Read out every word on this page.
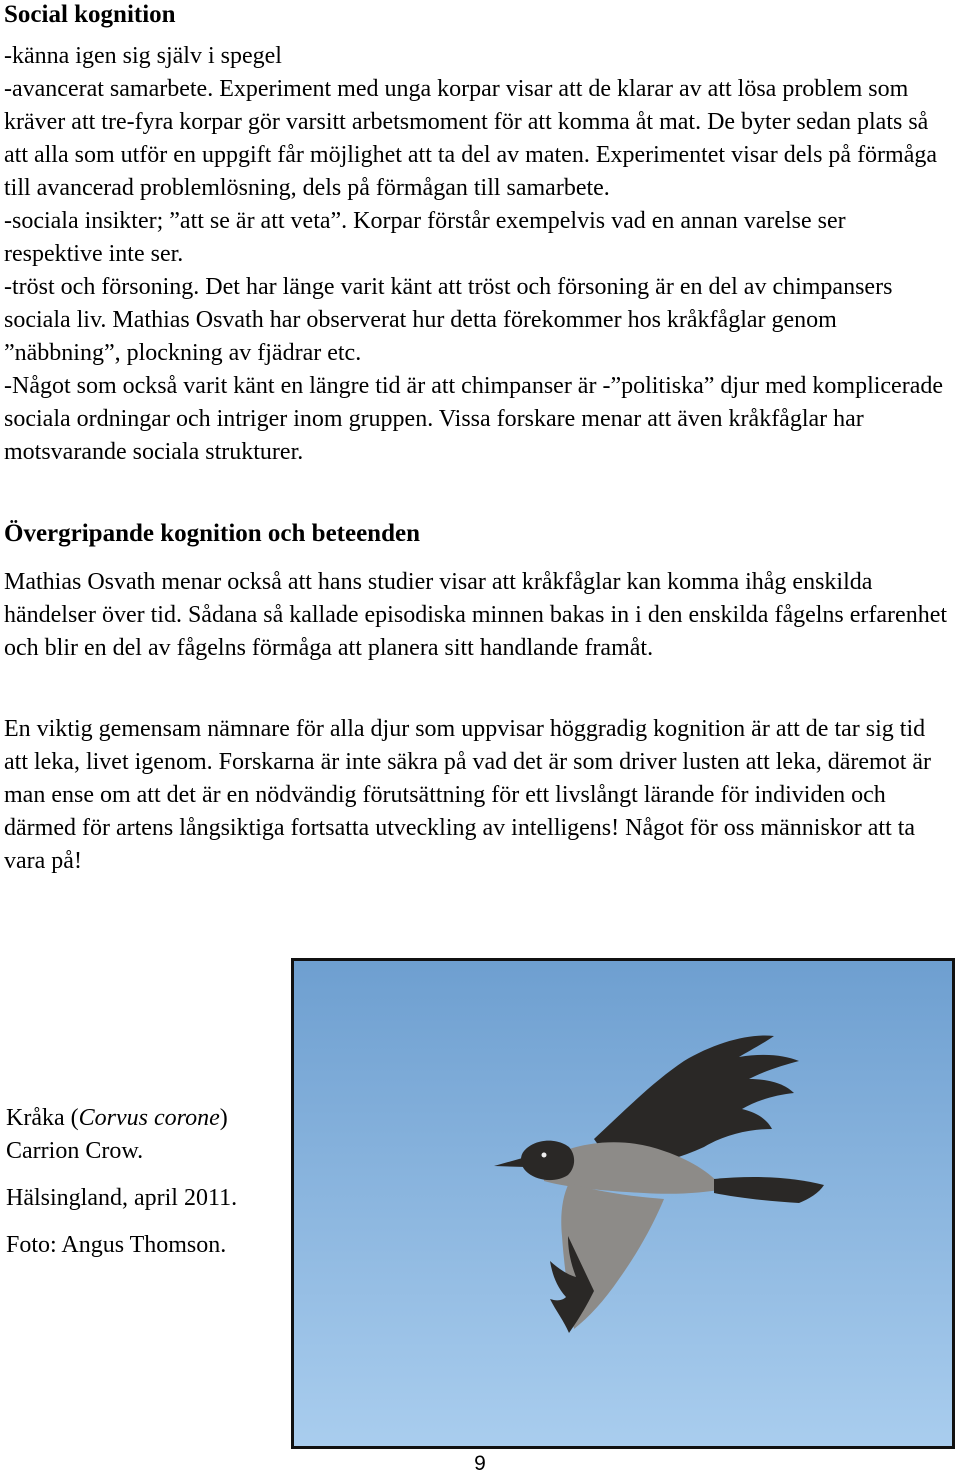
Social kognition

-känna igen sig själv i spegel

-avancerat samarbete. Experiment med unga korpar visar att de klarar av att lösa problem som kräver att tre-fyra korpar gör varsitt arbetsmoment för att komma åt mat. De byter sedan plats så att alla som utför en uppgift får möjlighet att ta del av maten. Experimentet visar dels på förmåga till avancerad problemlösning, dels på förmågan till samarbete.

-sociala insikter; ”att se är att veta”. Korpar förstår exempelvis vad en annan varelse ser respektive inte ser.

-tröst och försoning. Det har länge varit känt att tröst och försoning är en del av chimpansers sociala liv. Mathias Osvath har observerat hur detta förekommer hos kråkfåglar genom ”näbbning”, plockning av fjädrar etc.

-Något som också varit känt en längre tid är att chimpanser är -”politiska” djur med komplicerade sociala ordningar och intriger inom gruppen. Vissa forskare menar att även kråkfåglar har motsvarande sociala strukturer.

Övergripande kognition och beteenden
Mathias Osvath menar också att hans studier visar att kråkfåglar kan komma ihåg enskilda händelser över tid. Sådana så kallade episodiska minnen bakas in i den enskilda fågelns erfarenhet och blir en del av fågelns förmåga att planera sitt handlande framåt.
En viktig gemensam nämnare för alla djur som uppvisar höggradig kognition är att de tar sig tid att leka, livet igenom. Forskarna är inte säkra på vad det är som driver lusten att leka, däremot är man ense om att det är en nödvändig förutsättning för ett livslångt lärande för individen och därmed för artens långsiktiga fortsatta utveckling av intelligens! Något för oss människor att ta vara på!

Kråka (Corvus corone)
Carrion Crow.

Hälsingland, april 2011.

Foto: Angus Thomson.

9
